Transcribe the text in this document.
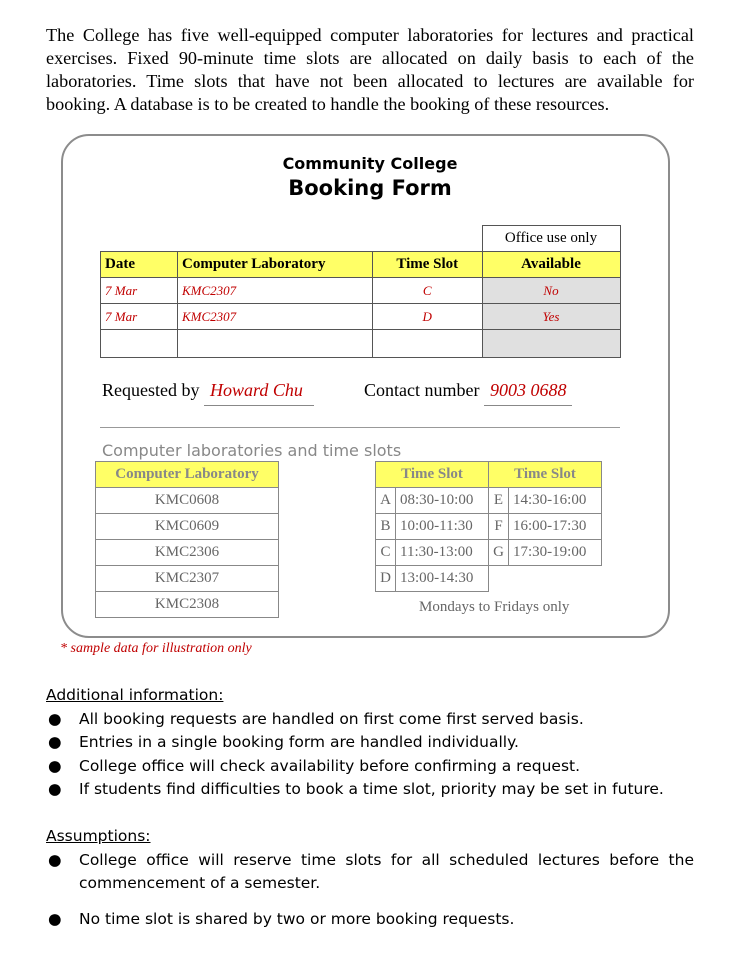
The College has five well-equipped computer laboratories for lectures and practical exercises. Fixed 90-minute time slots are allocated on daily basis to each of the laboratories. Time slots that have not been allocated to lectures are available for booking. A database is to be created to handle the booking of these resources.
Community College
Booking Form
			Office use only
Date	Computer Laboratory	Time Slot	Available
7 Mar	KMC2307	C	No
7 Mar	KMC2307	D	Yes

Requested by Howard Chu	Contact number 9003 0688
Computer laboratories and time slots
Computer Laboratory
KMC0608
KMC0609
KMC2306
KMC2307
KMC2308
Time Slot		Time Slot	
A	08:30-10:00	E	14:30-16:00
B	10:00-11:30	F	16:00-17:30
C	11:30-13:00	G	17:30-19:00
D	13:00-14:30		
Mondays to Fridays only
* sample data for illustration only
Additional information:
● All booking requests are handled on first come first served basis.
● Entries in a single booking form are handled individually.
● College office will check availability before confirming a request.
● If students find difficulties to book a time slot, priority may be set in future.
Assumptions:
● College office will reserve time slots for all scheduled lectures before the commencement of a semester.
● No time slot is shared by two or more booking requests.
